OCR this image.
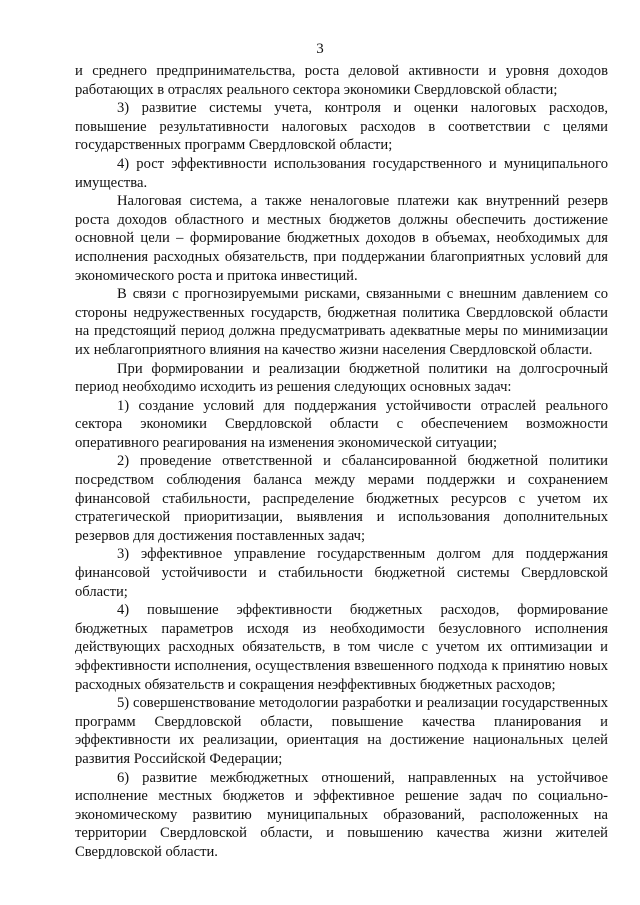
3

и среднего предпринимательства, роста деловой активности и уровня доходов работающих в отраслях реального сектора экономики Свердловской области;

3) развитие системы учета, контроля и оценки налоговых расходов, повышение результативности налоговых расходов в соответствии с целями государственных программ Свердловской области;

4) рост эффективности использования государственного и муниципального имущества.

Налоговая система, а также неналоговые платежи как внутренний резерв роста доходов областного и местных бюджетов должны обеспечить достижение основной цели – формирование бюджетных доходов в объемах, необходимых для исполнения расходных обязательств, при поддержании благоприятных условий для экономического роста и притока инвестиций.

В связи с прогнозируемыми рисками, связанными с внешним давлением со стороны недружественных государств, бюджетная политика Свердловской области на предстоящий период должна предусматривать адекватные меры по минимизации их неблагоприятного влияния на качество жизни населения Свердловской области.

При формировании и реализации бюджетной политики на долгосрочный период необходимо исходить из решения следующих основных задач:

1) создание условий для поддержания устойчивости отраслей реального сектора экономики Свердловской области с обеспечением возможности оперативного реагирования на изменения экономической ситуации;

2) проведение ответственной и сбалансированной бюджетной политики посредством соблюдения баланса между мерами поддержки и сохранением финансовой стабильности, распределение бюджетных ресурсов с учетом их стратегической приоритизации, выявления и использования дополнительных резервов для достижения поставленных задач;

3) эффективное управление государственным долгом для поддержания финансовой устойчивости и стабильности бюджетной системы Свердловской области;

4) повышение эффективности бюджетных расходов, формирование бюджетных параметров исходя из необходимости безусловного исполнения действующих расходных обязательств, в том числе с учетом их оптимизации и эффективности исполнения, осуществления взвешенного подхода к принятию новых расходных обязательств и сокращения неэффективных бюджетных расходов;

5) совершенствование методологии разработки и реализации государственных программ Свердловской области, повышение качества планирования и эффективности их реализации, ориентация на достижение национальных целей развития Российской Федерации;

6) развитие межбюджетных отношений, направленных на устойчивое исполнение местных бюджетов и эффективное решение задач по социально-экономическому развитию муниципальных образований, расположенных на территории Свердловской области, и повышению качества жизни жителей Свердловской области.
